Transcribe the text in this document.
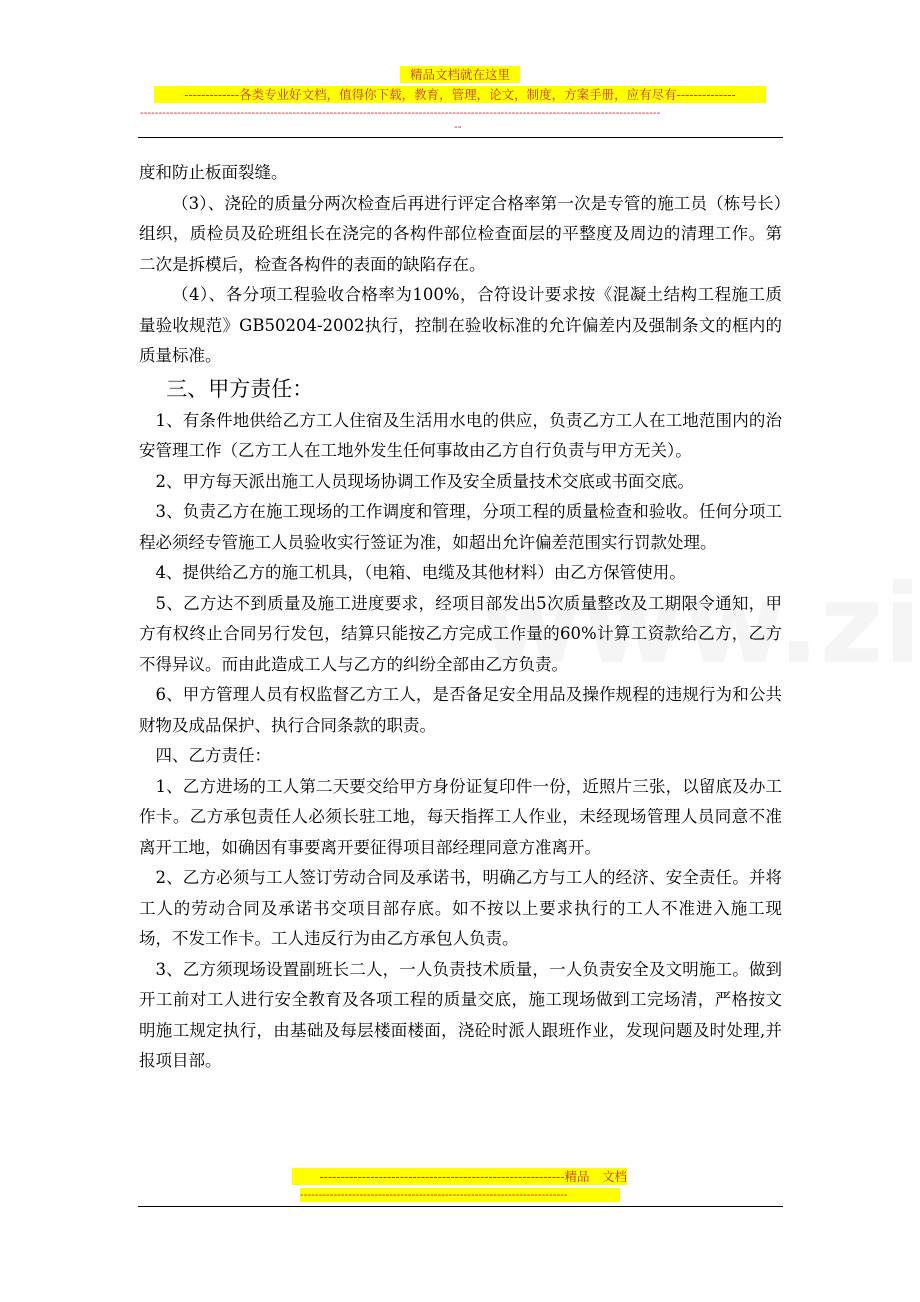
精品文档就在这里
-------------各类专业好文档，值得你下载，教育，管理，论文，制度，方案手册，应有尽有--------------
--------------------------------------------------------------------------------------------------------------------------------------------
--

度和防止板面裂缝。

（3）、浇砼的质量分两次检查后再进行评定合格率第一次是专管的施工员（栋号长）组织，质检员及砼班组长在浇完的各构件部位检查面层的平整度及周边的清理工作。第二次是拆模后，检查各构件的表面的缺陷存在。

（4）、各分项工程验收合格率为100%，合符设计要求按《混凝土结构工程施工质量验收规范》GB50204-2002执行，控制在验收标准的允许偏差内及强制条文的框内的质量标准。

三、甲方责任：

1、有条件地供给乙方工人住宿及生活用水电的供应，负责乙方工人在工地范围内的治安管理工作（乙方工人在工地外发生任何事故由乙方自行负责与甲方无关）。

2、甲方每天派出施工人员现场协调工作及安全质量技术交底或书面交底。

3、负责乙方在施工现场的工作调度和管理，分项工程的质量检查和验收。任何分项工程必须经专管施工人员验收实行签证为准，如超出允许偏差范围实行罚款处理。

4、提供给乙方的施工机具，（电箱、电缆及其他材料）由乙方保管使用。

5、乙方达不到质量及施工进度要求，经项目部发出5次质量整改及工期限令通知，甲方有权终止合同另行发包，结算只能按乙方完成工作量的60%计算工资款给乙方，乙方不得异议。而由此造成工人与乙方的纠纷全部由乙方负责。

6、甲方管理人员有权监督乙方工人，是否备足安全用品及操作规程的违规行为和公共财物及成品保护、执行合同条款的职责。

四、乙方责任：

1、乙方进场的工人第二天要交给甲方身份证复印件一份，近照片三张，以留底及办工作卡。乙方承包责任人必须长驻工地，每天指挥工人作业，未经现场管理人员同意不准离开工地，如确因有事要离开要征得项目部经理同意方准离开。

2、乙方必须与工人签订劳动合同及承诺书，明确乙方与工人的经济、安全责任。并将工人的劳动合同及承诺书交项目部存底。如不按以上要求执行的工人不准进入施工现场，不发工作卡。工人违反行为由乙方承包人负责。

3、乙方须现场设置副班长二人，一人负责技术质量，一人负责安全及文明施工。做到开工前对工人进行安全教育及各项工程的质量交底，施工现场做到工完场清，严格按文明施工规定执行，由基础及每层楼面楼面，浇砼时派人跟班作业，发现问题及时处理,并报项目部。

----------------------------------------------------------精品　文档
------------------------------------------------------------------------
